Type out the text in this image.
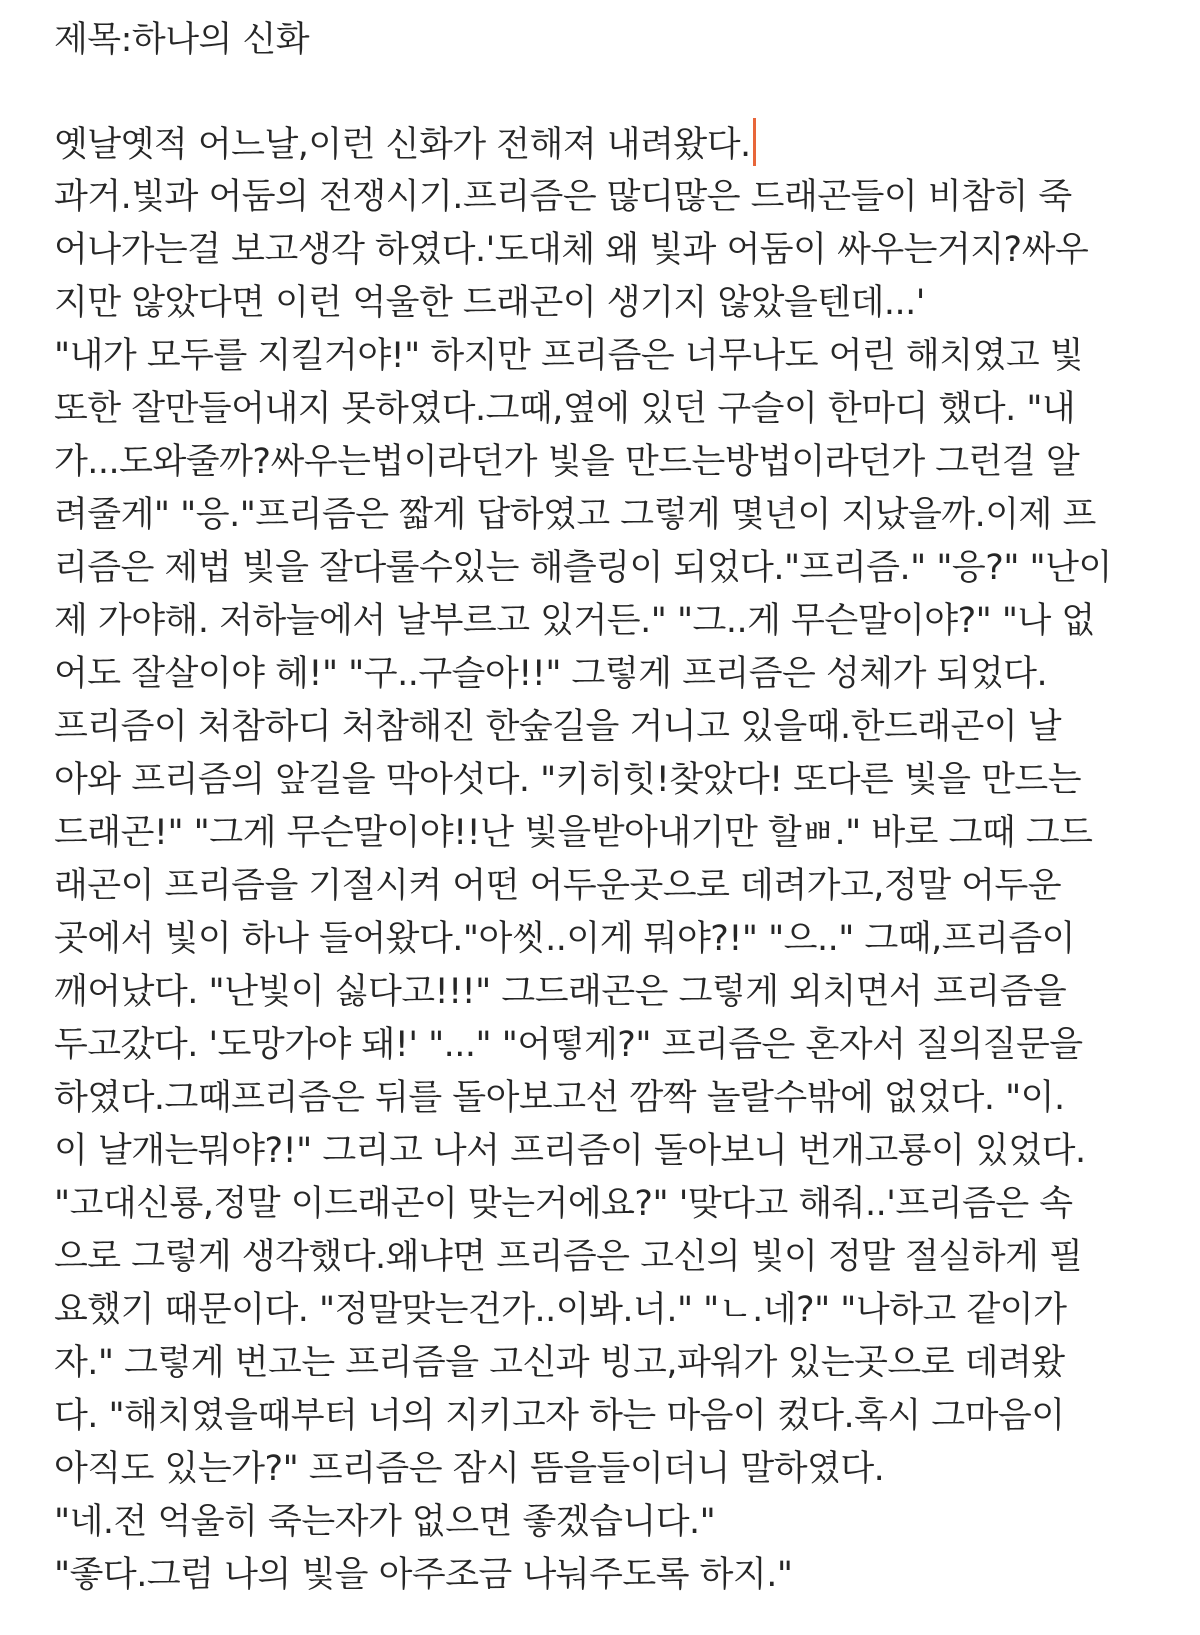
제목:하나의 신화
옛날옛적 어느날,이런 신화가 전해져 내려왔다.
과거.빛과 어둠의 전쟁시기.프리즘은 많디많은 드래곤들이 비참히 죽
어나가는걸 보고생각 하였다.'도대체 왜 빛과 어둠이 싸우는거지?싸우
지만 않았다면 이런 억울한 드래곤이 생기지 않았을텐데...'
"내가 모두를 지킬거야!" 하지만 프리즘은 너무나도 어린 해치였고 빛
또한 잘만들어내지 못하였다.그때,옆에 있던 구슬이 한마디 했다. "내
가...도와줄까?싸우는법이라던가 빛을 만드는방법이라던가 그런걸 알
려줄게" "응."프리즘은 짧게 답하였고 그렇게 몇년이 지났을까.이제 프
리즘은 제법 빛을 잘다룰수있는 해츨링이 되었다."프리즘." "응?" "난이
제 가야해. 저하늘에서 날부르고 있거든." "그..게 무슨말이야?" "나 없
어도 잘살이야 헤!" "구..구슬아!!" 그렇게 프리즘은 성체가 되었다.
프리즘이 처참하디 처참해진 한숲길을 거니고 있을때.한드래곤이 날
아와 프리즘의 앞길을 막아섯다. "키히힛!찾았다! 또다른 빛을 만드는
드래곤!" "그게 무슨말이야!!난 빛을받아내기만 할ㅃ." 바로 그때 그드
래곤이 프리즘을 기절시켜 어떤 어두운곳으로 데려가고,정말 어두운
곳에서 빛이 하나 들어왔다."아씻..이게 뭐야?!" "으.." 그때,프리즘이
깨어났다. "난빛이 싫다고!!!" 그드래곤은 그렇게 외치면서 프리즘을
두고갔다. '도망가야 돼!' "..." "어떻게?" 프리즘은 혼자서 질의질문을
하였다.그때프리즘은 뒤를 돌아보고선 깜짝 놀랄수밖에 없었다. "이.
이 날개는뭐야?!" 그리고 나서 프리즘이 돌아보니 번개고룡이 있었다.
"고대신룡,정말 이드래곤이 맞는거에요?" '맞다고 해줘..'프리즘은 속
으로 그렇게 생각했다.왜냐면 프리즘은 고신의 빛이 정말 절실하게 필
요했기 때문이다. "정말맞는건가..이봐.너." "ㄴ.네?" "나하고 같이가
자." 그렇게 번고는 프리즘을 고신과 빙고,파워가 있는곳으로 데려왔
다. "해치였을때부터 너의 지키고자 하는 마음이 컸다.혹시 그마음이
아직도 있는가?" 프리즘은 잠시 뜸을들이더니 말하였다.
"네.전 억울히 죽는자가 없으면 좋겠습니다."
"좋다.그럼 나의 빛을 아주조금 나눠주도록 하지."
